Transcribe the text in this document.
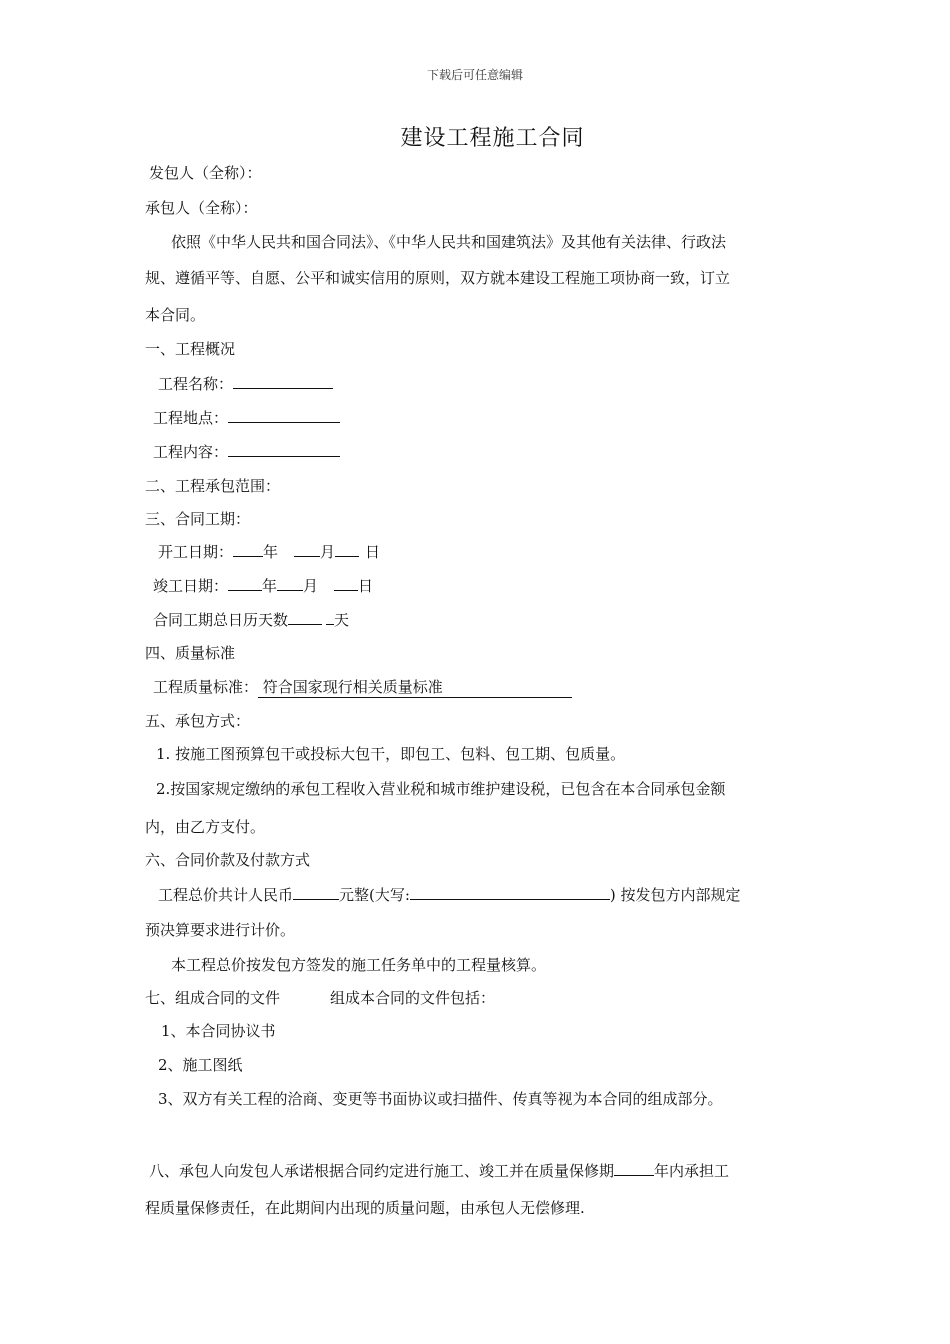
下载后可任意编辑
建设工程施工合同
发包人（全称）：
承包人（全称）：
依照《中华人民共和国合同法》、《中华人民共和国建筑法》及其他有关法律、行政法
规、遵循平等、自愿、公平和诚实信用的原则，双方就本建设工程施工项协商一致，订立
本合同。
一、工程概况
工程名称：
工程地点：
工程内容：
二、工程承包范围：
三、合同工期：
开工日期： 年	月 日
竣工日期： 年 月	日
合同工期总日历天数	天
四、质量标准
工程质量标准： 符合国家现行相关质量标准
五、承包方式：
1. 按施工图预算包干或投标大包干，即包工、包料、包工期、包质量。
2.按国家规定缴纳的承包工程收入营业税和城市维护建设税，已包含在本合同承包金额
内，由乙方支付。
六、合同价款及付款方式
工程总价共计人民币	元整(大写:	) 按发包方内部规定
预决算要求进行计价。
本工程总价按发包方签发的施工任务单中的工程量核算。
七、组成合同的文件	组成本合同的文件包括：
1、本合同协议书
2、施工图纸
3、双方有关工程的洽商、变更等书面协议或扫描件、传真等视为本合同的组成部分。
八、承包人向发包人承诺根据合同约定进行施工、竣工并在质量保修期	年内承担工
程质量保修责任，在此期间内出现的质量问题，由承包人无偿修理.
